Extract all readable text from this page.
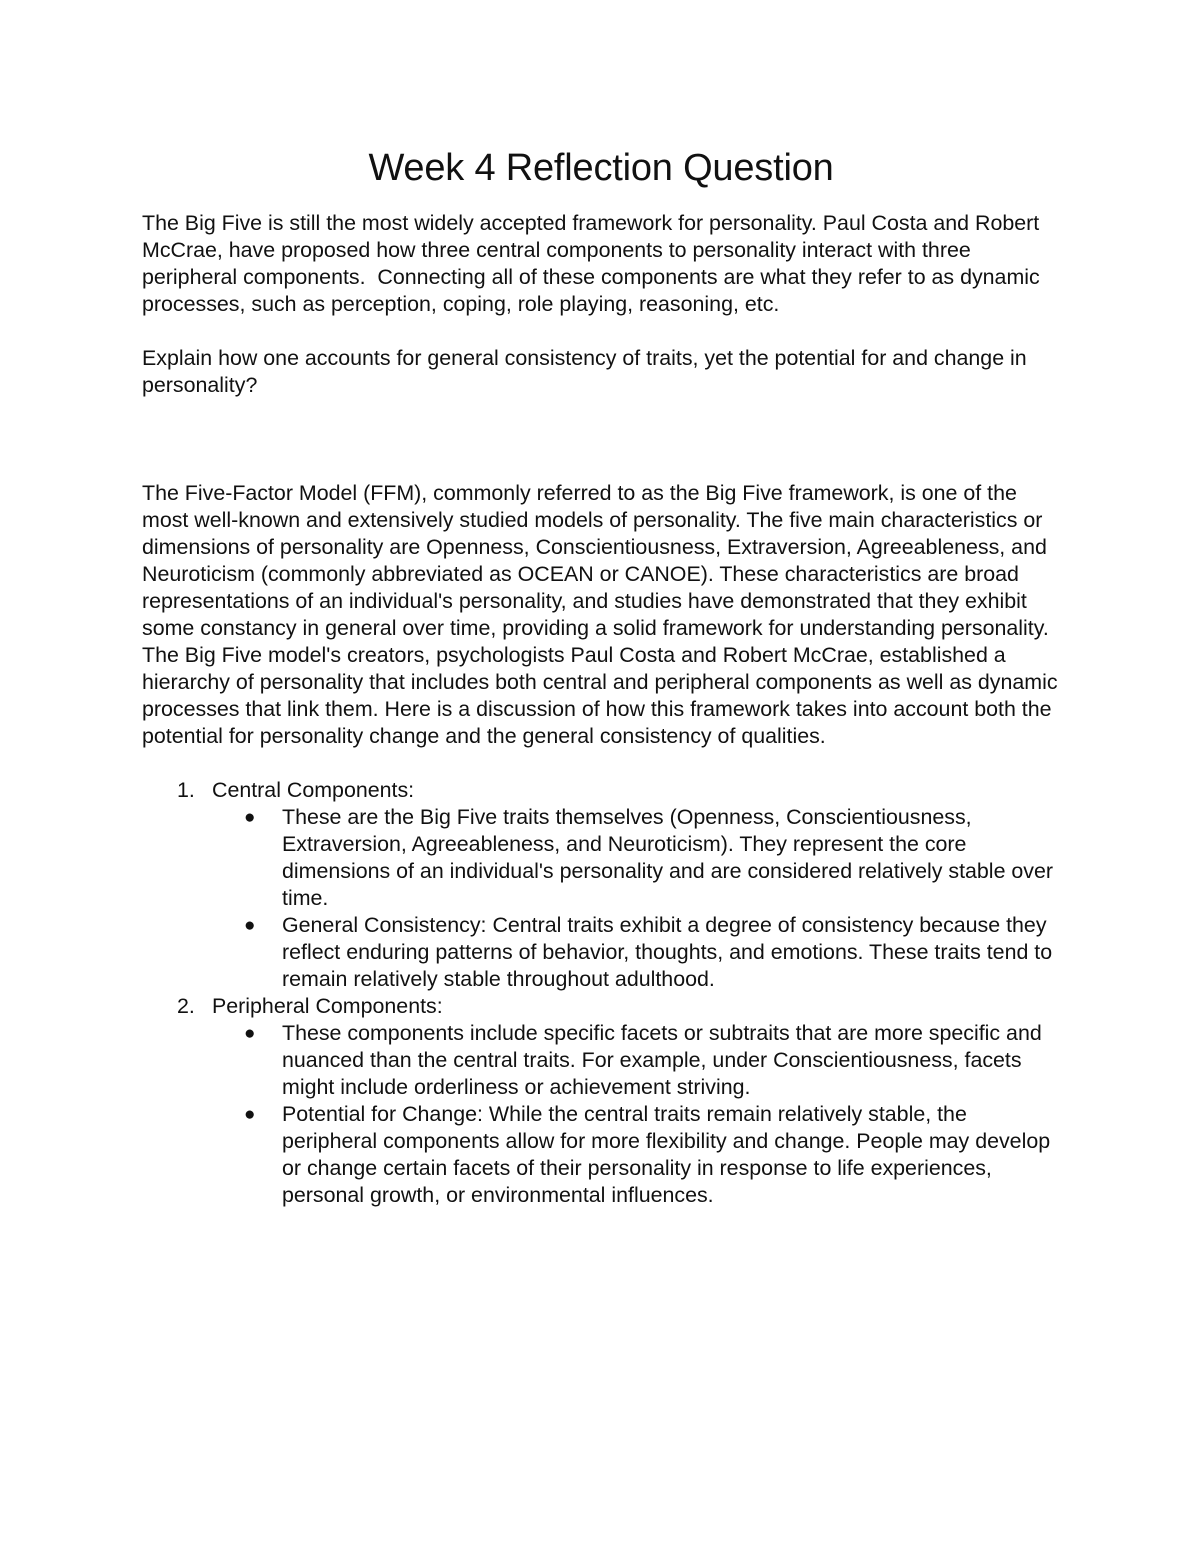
Week 4 Reflection Question

The Big Five is still the most widely accepted framework for personality. Paul Costa and Robert McCrae, have proposed how three central components to personality interact with three peripheral components.  Connecting all of these components are what they refer to as dynamic processes, such as perception, coping, role playing, reasoning, etc.

Explain how one accounts for general consistency of traits, yet the potential for and change in personality?

The Five-Factor Model (FFM), commonly referred to as the Big Five framework, is one of the most well-known and extensively studied models of personality. The five main characteristics or dimensions of personality are Openness, Conscientiousness, Extraversion, Agreeableness, and Neuroticism (commonly abbreviated as OCEAN or CANOE). These characteristics are broad representations of an individual's personality, and studies have demonstrated that they exhibit some constancy in general over time, providing a solid framework for understanding personality.

The Big Five model's creators, psychologists Paul Costa and Robert McCrae, established a hierarchy of personality that includes both central and peripheral components as well as dynamic processes that link them. Here is a discussion of how this framework takes into account both the potential for personality change and the general consistency of qualities.

1. Central Components:
● These are the Big Five traits themselves (Openness, Conscientiousness, Extraversion, Agreeableness, and Neuroticism). They represent the core dimensions of an individual's personality and are considered relatively stable over time.
● General Consistency: Central traits exhibit a degree of consistency because they reflect enduring patterns of behavior, thoughts, and emotions. These traits tend to remain relatively stable throughout adulthood.
2. Peripheral Components:
● These components include specific facets or subtraits that are more specific and nuanced than the central traits. For example, under Conscientiousness, facets might include orderliness or achievement striving.
● Potential for Change: While the central traits remain relatively stable, the peripheral components allow for more flexibility and change. People may develop or change certain facets of their personality in response to life experiences, personal growth, or environmental influences.
